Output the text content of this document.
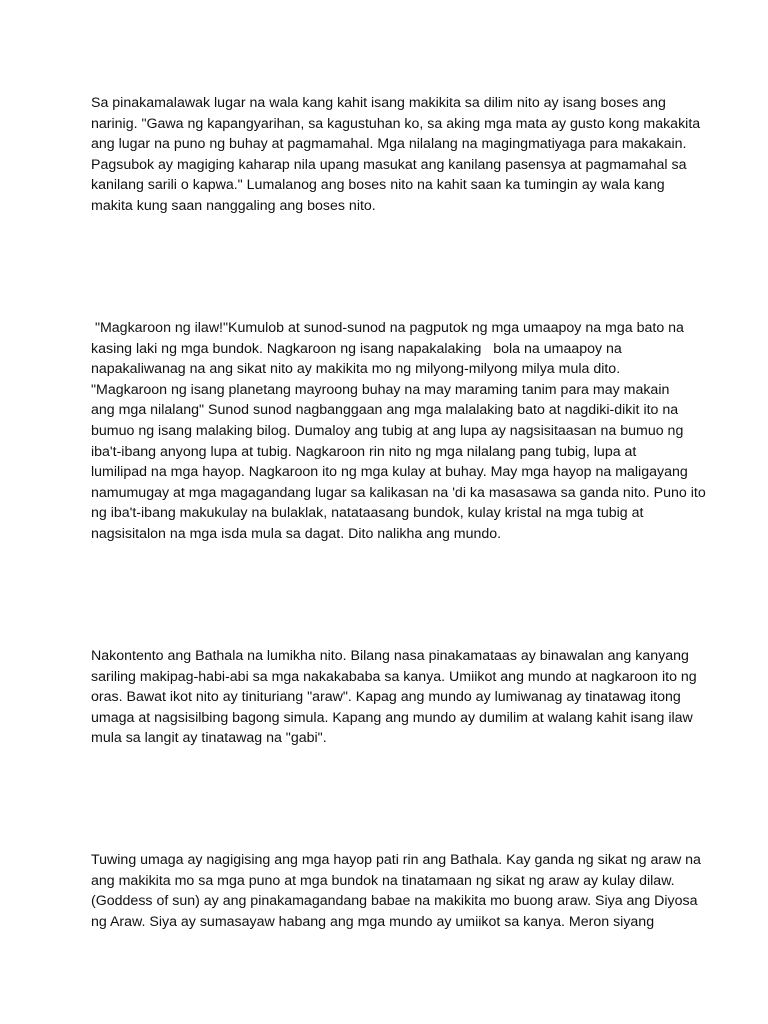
Sa pinakamalawak lugar na wala kang kahit isang makikita sa dilim nito ay isang boses ang
narinig. "Gawa ng kapangyarihan, sa kagustuhan ko, sa aking mga mata ay gusto kong makakita
ang lugar na puno ng buhay at pagmamahal. Mga nilalang na magingmatiyaga para makakain.
Pagsubok ay magiging kaharap nila upang masukat ang kanilang pasensya at pagmamahal sa
kanilang sarili o kapwa." Lumalanog ang boses nito na kahit saan ka tumingin ay wala kang
makita kung saan nanggaling ang boses nito.

"Magkaroon ng ilaw!"Kumulob at sunod-sunod na pagputok ng mga umaapoy na mga bato na
kasing laki ng mga bundok. Nagkaroon ng isang napakalaking   bola na umaapoy na
napakaliwanag na ang sikat nito ay makikita mo ng milyong-milyong milya mula dito.
"Magkaroon ng isang planetang mayroong buhay na may maraming tanim para may makain
ang mga nilalang" Sunod sunod nagbanggaan ang mga malalaking bato at nagdiki-dikit ito na
bumuo ng isang malaking bilog. Dumaloy ang tubig at ang lupa ay nagsisitaasan na bumuo ng
iba't-ibang anyong lupa at tubig. Nagkaroon rin nito ng mga nilalang pang tubig, lupa at
lumilipad na mga hayop. Nagkaroon ito ng mga kulay at buhay. May mga hayop na maligayang
namumugay at mga magagandang lugar sa kalikasan na 'di ka masasawa sa ganda nito. Puno ito
ng iba't-ibang makukulay na bulaklak, natataasang bundok, kulay kristal na mga tubig at
nagsisitalon na mga isda mula sa dagat. Dito nalikha ang mundo.

Nakontento ang Bathala na lumikha nito. Bilang nasa pinakamataas ay binawalan ang kanyang
sariling makipag-habi-abi sa mga nakakababa sa kanya. Umiikot ang mundo at nagkaroon ito ng
oras. Bawat ikot nito ay tinituriang "araw". Kapag ang mundo ay lumiwanag ay tinatawag itong
umaga at nagsisilbing bagong simula. Kapang ang mundo ay dumilim at walang kahit isang ilaw
mula sa langit ay tinatawag na "gabi".

Tuwing umaga ay nagigising ang mga hayop pati rin ang Bathala. Kay ganda ng sikat ng araw na
ang makikita mo sa mga puno at mga bundok na tinatamaan ng sikat ng araw ay kulay dilaw.
(Goddess of sun) ay ang pinakamagandang babae na makikita mo buong araw. Siya ang Diyosa
ng Araw. Siya ay sumasayaw habang ang mga mundo ay umiikot sa kanya. Meron siyang
